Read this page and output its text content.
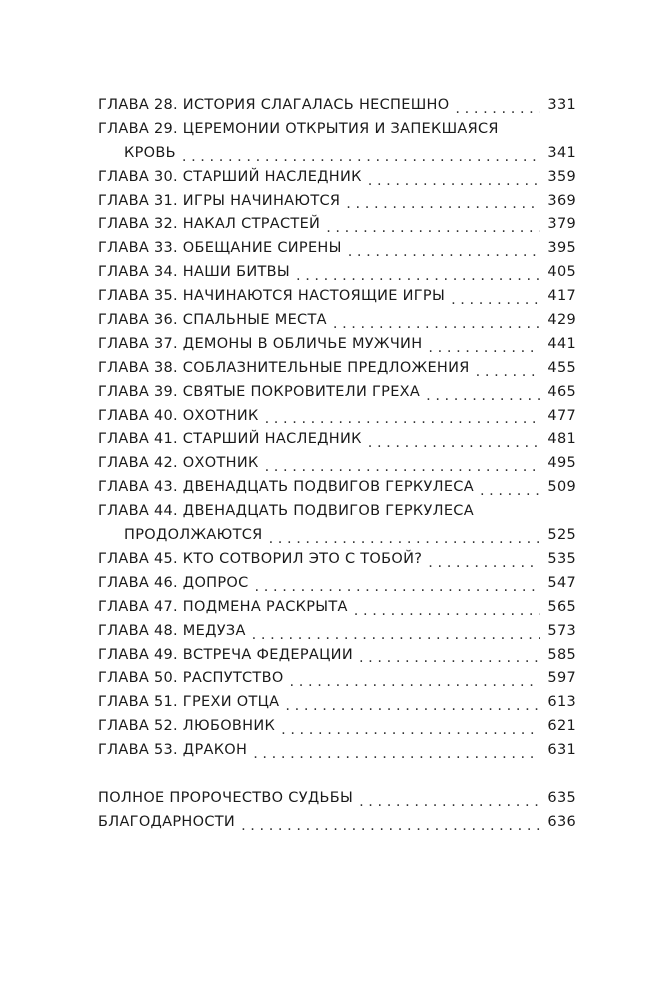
ГЛАВА 28. ИСТОРИЯ СЛАГАЛАСЬ НЕСПЕШНО . . .	331
ГЛАВА 29. ЦЕРЕМОНИИ ОТКРЫТИЯ И ЗАПЕКШАЯСЯ
КРОВЬ . . .	341
ГЛАВА 30. СТАРШИЙ НАСЛЕДНИК . . .	359
ГЛАВА 31. ИГРЫ НАЧИНАЮТСЯ . . .	369
ГЛАВА 32. НАКАЛ СТРАСТЕЙ . . .	379
ГЛАВА 33. ОБЕЩАНИЕ СИРЕНЫ . . .	395
ГЛАВА 34. НАШИ БИТВЫ . . .	405
ГЛАВА 35. НАЧИНАЮТСЯ НАСТОЯЩИЕ ИГРЫ . . .	417
ГЛАВА 36. СПАЛЬНЫЕ МЕСТА . . .	429
ГЛАВА 37. ДЕМОНЫ В ОБЛИЧЬЕ МУЖЧИН . . .	441
ГЛАВА 38. СОБЛАЗНИТЕЛЬНЫЕ ПРЕДЛОЖЕНИЯ . . .	455
ГЛАВА 39. СВЯТЫЕ ПОКРОВИТЕЛИ ГРЕХА . . .	465
ГЛАВА 40. ОХОТНИК . . .	477
ГЛАВА 41. СТАРШИЙ НАСЛЕДНИК . . .	481
ГЛАВА 42. ОХОТНИК . . .	495
ГЛАВА 43. ДВЕНАДЦАТЬ ПОДВИГОВ ГЕРКУЛЕСА . . .	509
ГЛАВА 44. ДВЕНАДЦАТЬ ПОДВИГОВ ГЕРКУЛЕСА
ПРОДОЛЖАЮТСЯ . . .	525
ГЛАВА 45. КТО СОТВОРИЛ ЭТО С ТОБОЙ? . . .	535
ГЛАВА 46. ДОПРОС . . .	547
ГЛАВА 47. ПОДМЕНА РАСКРЫТА . . .	565
ГЛАВА 48. МЕДУЗА . . .	573
ГЛАВА 49. ВСТРЕЧА ФЕДЕРАЦИИ . . .	585
ГЛАВА 50. РАСПУТСТВО . . .	597
ГЛАВА 51. ГРЕХИ ОТЦА . . .	613
ГЛАВА 52. ЛЮБОВНИК . . .	621
ГЛАВА 53. ДРАКОН . . .	631
ПОЛНОЕ ПРОРОЧЕСТВО СУДЬБЫ . . .	635
БЛАГОДАРНОСТИ . . .	636
